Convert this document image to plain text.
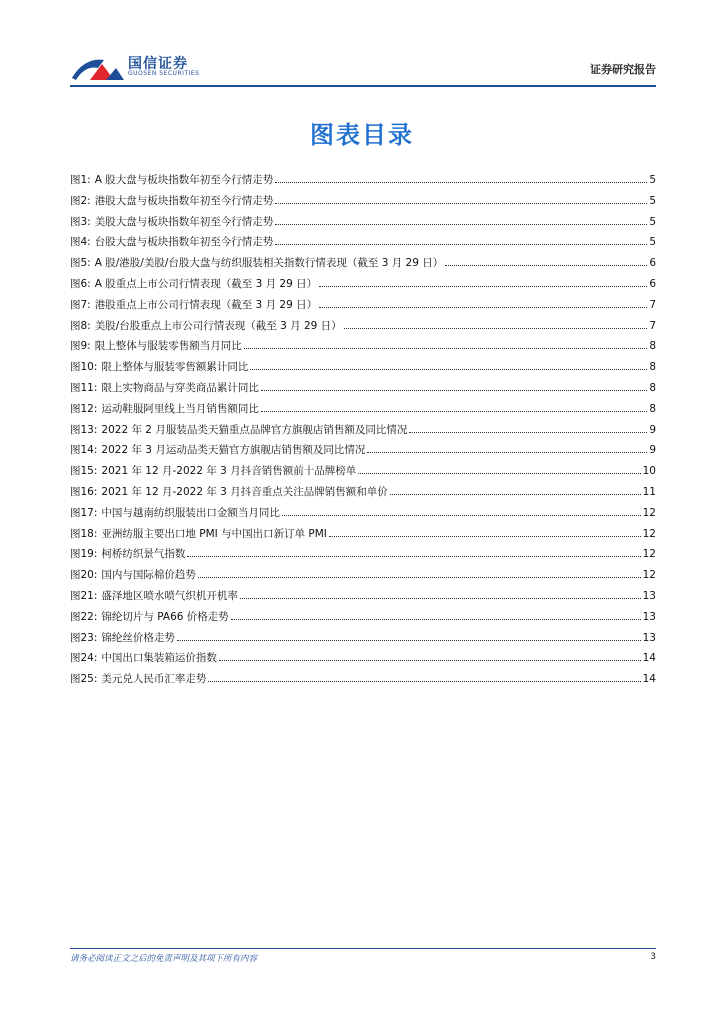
国信证券
GUOSEN SECURITIES	证券研究报告
图表目录
图1: A 股大盘与板块指数年初至今行情走势	5
图2: 港股大盘与板块指数年初至今行情走势	5
图3: 美股大盘与板块指数年初至今行情走势	5
图4: 台股大盘与板块指数年初至今行情走势	5
图5: A 股/港股/美股/台股大盘与纺织服装相关指数行情表现（截至 3 月 29 日）	6
图6: A 股重点上市公司行情表现（截至 3 月 29 日）	6
图7: 港股重点上市公司行情表现（截至 3 月 29 日）	7
图8: 美股/台股重点上市公司行情表现（截至 3 月 29 日）	7
图9: 限上整体与服装零售额当月同比	8
图10: 限上整体与服装零售额累计同比	8
图11: 限上实物商品与穿类商品累计同比	8
图12: 运动鞋服阿里线上当月销售额同比	8
图13: 2022 年 2 月服装品类天猫重点品牌官方旗舰店销售额及同比情况	9
图14: 2022 年 3 月运动品类天猫官方旗舰店销售额及同比情况	9
图15: 2021 年 12 月-2022 年 3 月抖音销售额前十品牌榜单	10
图16: 2021 年 12 月-2022 年 3 月抖音重点关注品牌销售额和单价	11
图17: 中国与越南纺织服装出口金额当月同比	12
图18: 亚洲纺服主要出口地 PMI 与中国出口新订单 PMI	12
图19: 柯桥纺织景气指数	12
图20: 国内与国际棉价趋势	12
图21: 盛泽地区喷水喷气织机开机率	13
图22: 锦纶切片与 PA66 价格走势	13
图23: 锦纶丝价格走势	13
图24: 中国出口集装箱运价指数	14
图25: 美元兑人民币汇率走势	14
请务必阅读正文之后的免责声明及其项下所有内容	3
